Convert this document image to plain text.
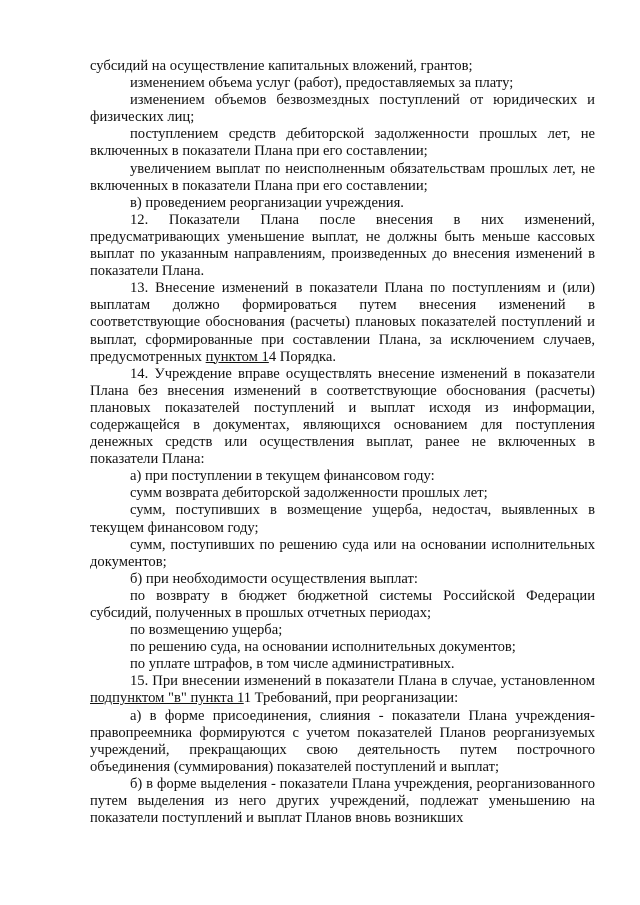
субсидий на осуществление капитальных вложений, грантов;

изменением объема услуг (работ), предоставляемых за плату;

изменением объемов безвозмездных поступлений от юридических и физических лиц;

поступлением средств дебиторской задолженности прошлых лет, не включенных в показатели Плана при его составлении;

увеличением выплат по неисполненным обязательствам прошлых лет, не включенных в показатели Плана при его составлении;

в) проведением реорганизации учреждения.

12. Показатели Плана после внесения в них изменений, предусматривающих уменьшение выплат, не должны быть меньше кассовых выплат по указанным направлениям, произведенных до внесения изменений в показатели Плана.

13. Внесение изменений в показатели Плана по поступлениям и (или) выплатам должно формироваться путем внесения изменений в соответствующие обоснования (расчеты) плановых показателей поступлений и выплат, сформированные при составлении Плана, за исключением случаев, предусмотренных пунктом 14 Порядка.

14. Учреждение вправе осуществлять внесение изменений в показатели Плана без внесения изменений в соответствующие обоснования (расчеты) плановых показателей поступлений и выплат исходя из информации, содержащейся в документах, являющихся основанием для поступления денежных средств или осуществления выплат, ранее не включенных в показатели Плана:

а) при поступлении в текущем финансовом году:

сумм возврата дебиторской задолженности прошлых лет;

сумм, поступивших в возмещение ущерба, недостач, выявленных в текущем финансовом году;

сумм, поступивших по решению суда или на основании исполнительных документов;

б) при необходимости осуществления выплат:

по возврату в бюджет бюджетной системы Российской Федерации субсидий, полученных в прошлых отчетных периодах;

по возмещению ущерба;

по решению суда, на основании исполнительных документов;

по уплате штрафов, в том числе административных.

15. При внесении изменений в показатели Плана в случае, установленном подпунктом "в" пункта 11 Требований, при реорганизации:

а) в форме присоединения, слияния - показатели Плана учреждения-правопреемника формируются с учетом показателей Планов реорганизуемых учреждений, прекращающих свою деятельность путем построчного объединения (суммирования) показателей поступлений и выплат;

б) в форме выделения - показатели Плана учреждения, реорганизованного путем выделения из него других учреждений, подлежат уменьшению на показатели поступлений и выплат Планов вновь возникших
